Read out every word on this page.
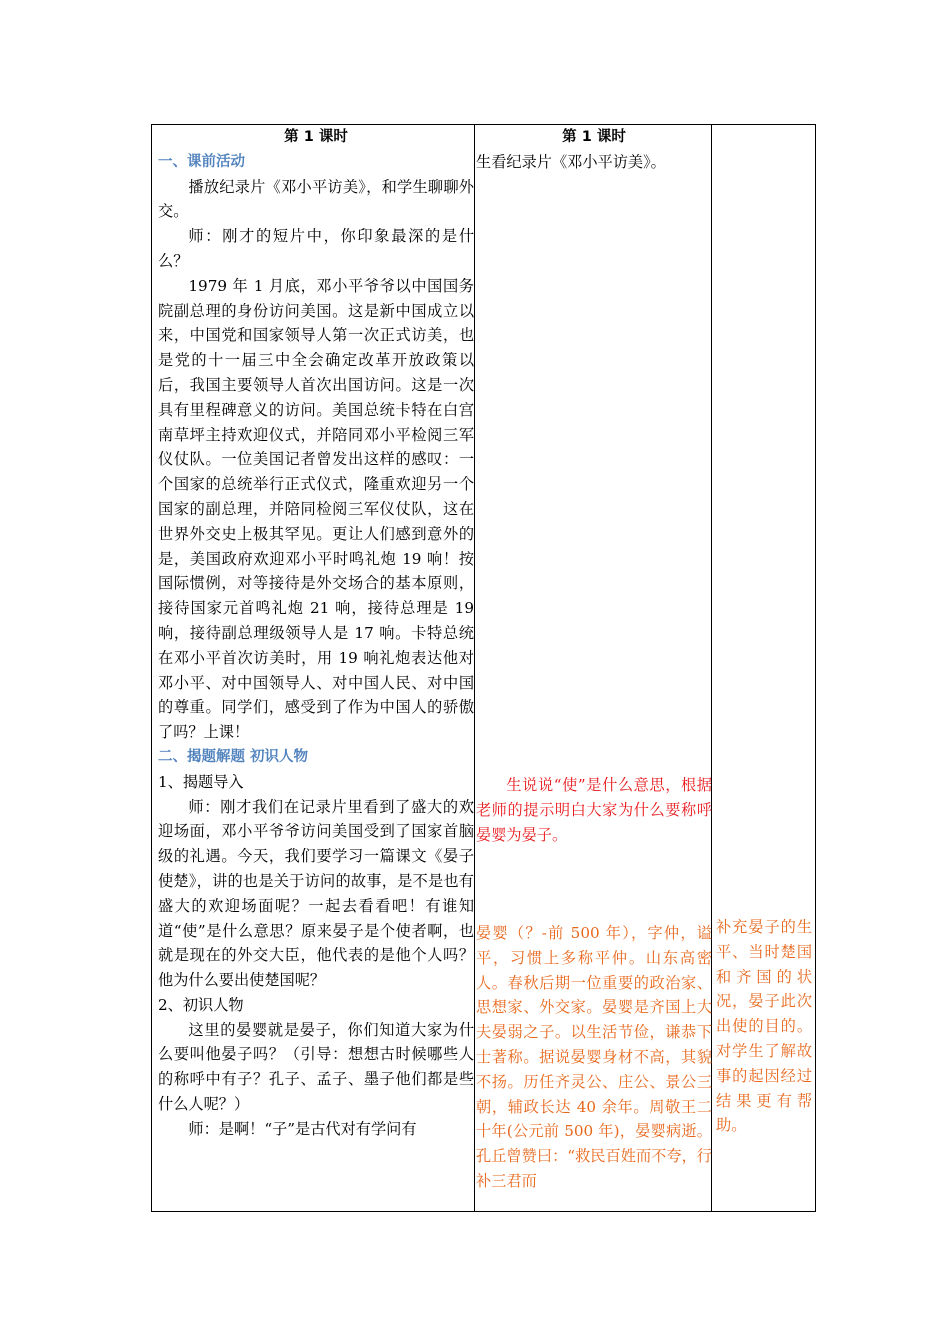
第 1 课时

一、课前活动

播放纪录片《邓小平访美》，和学生聊聊外交。

师：刚才的短片中，你印象最深的是什么？

1979 年 1 月底，邓小平爷爷以中国国务院副总理的身份访问美国。这是新中国成立以来，中国党和国家领导人第一次正式访美，也是党的十一届三中全会确定改革开放政策以后，我国主要领导人首次出国访问。这是一次具有里程碑意义的访问。美国总统卡特在白宫南草坪主持欢迎仪式，并陪同邓小平检阅三军仪仗队。一位美国记者曾发出这样的感叹：一个国家的总统举行正式仪式，隆重欢迎另一个国家的副总理，并陪同检阅三军仪仗队，这在世界外交史上极其罕见。更让人们感到意外的是，美国政府欢迎邓小平时鸣礼炮 19 响！按国际惯例，对等接待是外交场合的基本原则，接待国家元首鸣礼炮 21 响，接待总理是 19 响，接待副总理级领导人是 17 响。卡特总统在邓小平首次访美时，用 19 响礼炮表达他对邓小平、对中国领导人、对中国人民、对中国的尊重。同学们，感受到了作为中国人的骄傲了吗？上课！

二、揭题解题 初识人物

1、揭题导入

师：刚才我们在记录片里看到了盛大的欢迎场面，邓小平爷爷访问美国受到了国家首脑级的礼遇。今天，我们要学习一篇课文《晏子使楚》，讲的也是关于访问的故事，是不是也有盛大的欢迎场面呢？一起去看看吧！有谁知道“使”是什么意思？原来晏子是个使者啊，也就是现在的外交大臣，他代表的是他个人吗？他为什么要出使楚国呢？

2、初识人物

这里的晏婴就是晏子，你们知道大家为什么要叫他晏子吗？（引导：想想古时候哪些人的称呼中有子？孔子、孟子、墨子他们都是些什么人呢？）

师：是啊！“子”是古代对有学问有

第 1 课时

生看纪录片《邓小平访美》。

生说说“使”是什么意思，根据老师的提示明白大家为什么要称呼晏婴为晏子。

晏婴（？-前 500 年），字仲，谥平，习惯上多称平仲。山东高密人。春秋后期一位重要的政治家、思想家、外交家。晏婴是齐国上大夫晏弱之子。以生活节俭，谦恭下士著称。据说晏婴身材不高，其貌不扬。历任齐灵公、庄公、景公三朝，辅政长达 40 余年。周敬王二十年(公元前 500 年)，晏婴病逝。孔丘曾赞曰：“救民百姓而不夸，行补三君而

补充晏子的生平、当时楚国和齐国的状况，晏子此次出使的目的。对学生了解故事的起因经过结果更有帮助。
